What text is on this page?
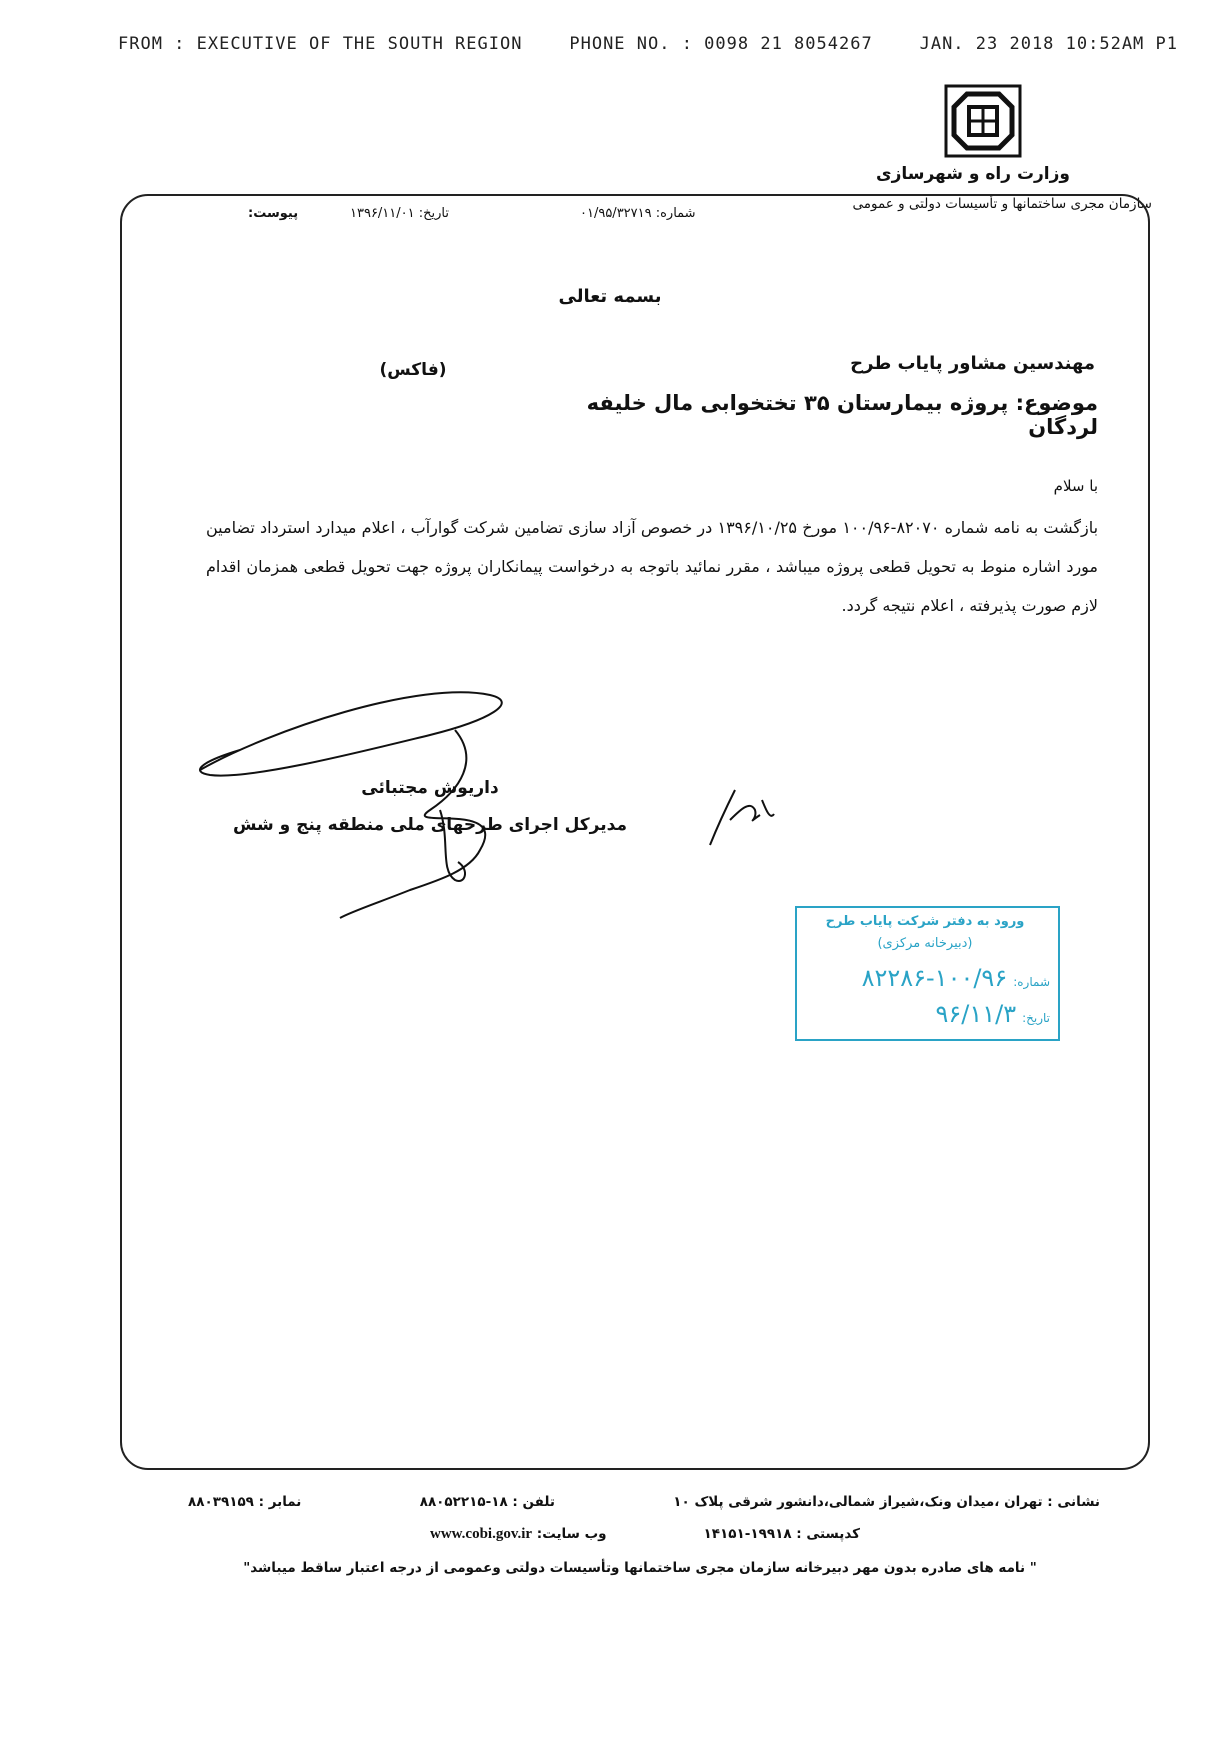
FROM : EXECUTIVE OF THE SOUTH REGION	PHONE NO. : 0098 21 8054267	JAN. 23 2018 10:52AM P1
وزارت راه و شهرسازی
سازمان مجری ساختمانها و تأسیسات دولتی و عمومی
شماره: ۰۱/۹۵/۳۲۷۱۹
تاریخ: ۱۳۹۶/۱۱/۰۱
پیوست:
بسمه تعالی
مهندسین مشاور پایاب طرح
(فاکس)
موضوع: پروژه بیمارستان ۳۵ تختخوابی مال خلیفه لردگان
با سلام
بازگشت به نامه شماره ۸۲۰۷۰-۱۰۰/۹۶ مورخ ۱۳۹۶/۱۰/۲۵ در خصوص آزاد سازی تضامین شرکت گوارآب ، اعلام میدارد استرداد تضامین مورد اشاره منوط به تحویل قطعی پروژه میباشد ، مقرر نمائید باتوجه به درخواست پیمانکاران پروژه جهت تحویل قطعی همزمان اقدام لازم صورت پذیرفته ، اعلام نتیجه گردد.
داریوش مجتبائی
مدیرکل اجرای طرحهای ملی منطقه پنج و شش
ورود به دفتر شرکت پایاب طرح
(دبیرخانه مرکزی)
شماره:
۸۲۲۸۶-۱۰۰/۹۶
تاریخ:
۹۶/۱۱/۳
نشانی : تهران ،میدان ونک،شیراز شمالی،دانشور شرقی پلاک ۱۰
تلفن : ۱۸-۸۸۰۵۲۲۱۵
نمابر : ۸۸۰۳۹۱۵۹
کدپستی : ۱۹۹۱۸-۱۴۱۵۱
وب سایت: www.cobi.gov.ir
" نامه های صادره بدون مهر دبیرخانه سازمان مجری ساختمانها وتأسیسات دولتی وعمومی از درجه اعتبار ساقط میباشد"
